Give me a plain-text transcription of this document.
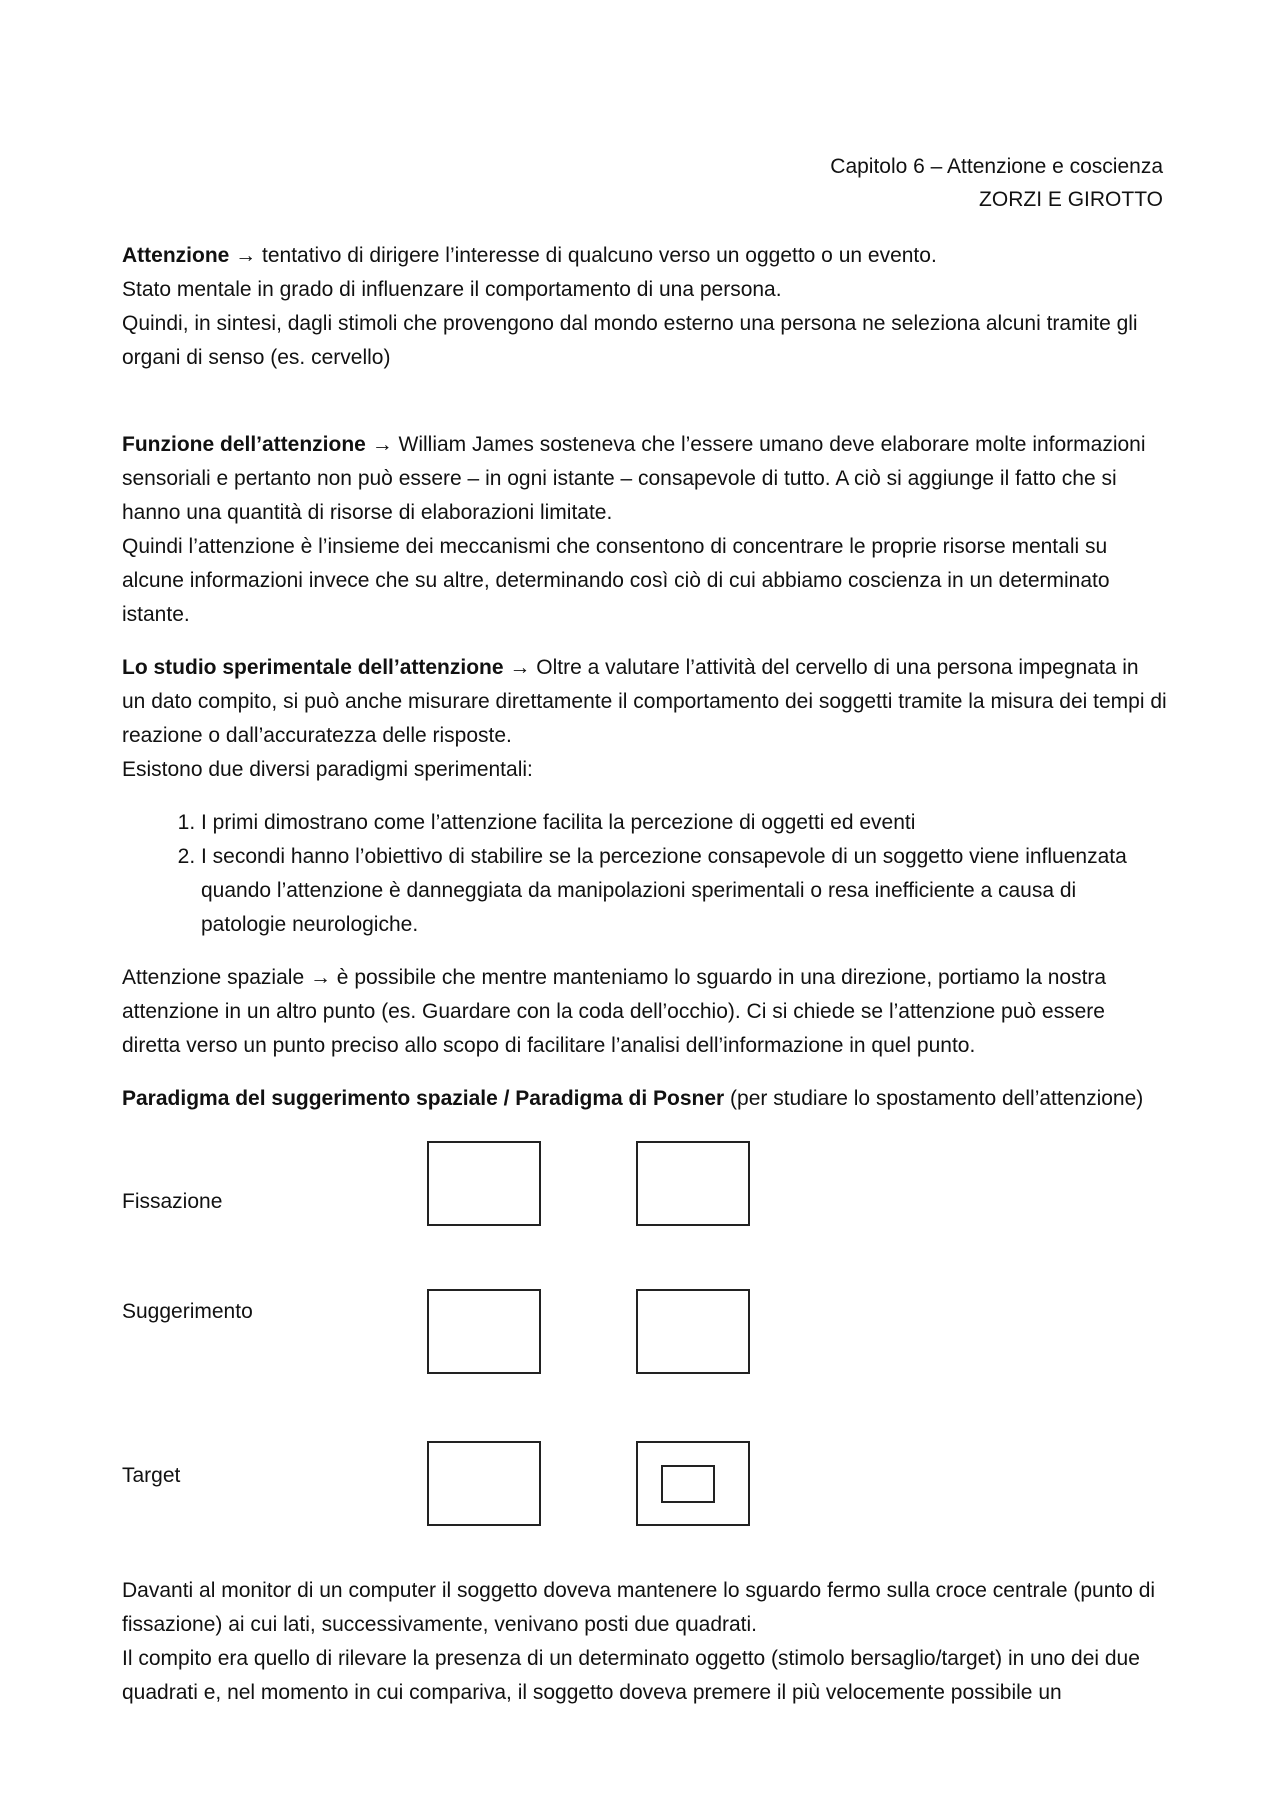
Capitolo 6 – Attenzione e coscienza
ZORZI E GIROTTO

Attenzione → tentativo di dirigere l’interesse di qualcuno verso un oggetto o un evento.
Stato mentale in grado di influenzare il comportamento di una persona.
Quindi, in sintesi, dagli stimoli che provengono dal mondo esterno una persona ne seleziona alcuni tramite gli organi di senso (es. cervello)

Funzione dell’attenzione → William James sosteneva che l’essere umano deve elaborare molte informazioni sensoriali e pertanto non può essere – in ogni istante – consapevole di tutto. A ciò si aggiunge il fatto che si hanno una quantità di risorse di elaborazioni limitate.
Quindi l’attenzione è l’insieme dei meccanismi che consentono di concentrare le proprie risorse mentali su alcune informazioni invece che su altre, determinando così ciò di cui abbiamo coscienza in un determinato istante.

Lo studio sperimentale dell’attenzione → Oltre a valutare l’attività del cervello di una persona impegnata in un dato compito, si può anche misurare direttamente il comportamento dei soggetti tramite la misura dei tempi di reazione o dall’accuratezza delle risposte.
Esistono due diversi paradigmi sperimentali:

1. I primi dimostrano come l’attenzione facilita la percezione di oggetti ed eventi
2. I secondi hanno l’obiettivo di stabilire se la percezione consapevole di un soggetto viene influenzata quando l’attenzione è danneggiata da manipolazioni sperimentali o resa inefficiente a causa di patologie neurologiche.

Attenzione spaziale → è possibile che mentre manteniamo lo sguardo in una direzione, portiamo la nostra attenzione in un altro punto (es. Guardare con la coda dell’occhio). Ci si chiede se l’attenzione può essere diretta verso un punto preciso allo scopo di facilitare l’analisi dell’informazione in quel punto.

Paradigma del suggerimento spaziale / Paradigma di Posner (per studiare lo spostamento dell’attenzione)

Fissazione
Suggerimento
Target

Davanti al monitor di un computer il soggetto doveva mantenere lo sguardo fermo sulla croce centrale (punto di fissazione) ai cui lati, successivamente, venivano posti due quadrati.
Il compito era quello di rilevare la presenza di un determinato oggetto (stimolo bersaglio/target) in uno dei due quadrati e, nel momento in cui compariva, il soggetto doveva premere il più velocemente possibile un
